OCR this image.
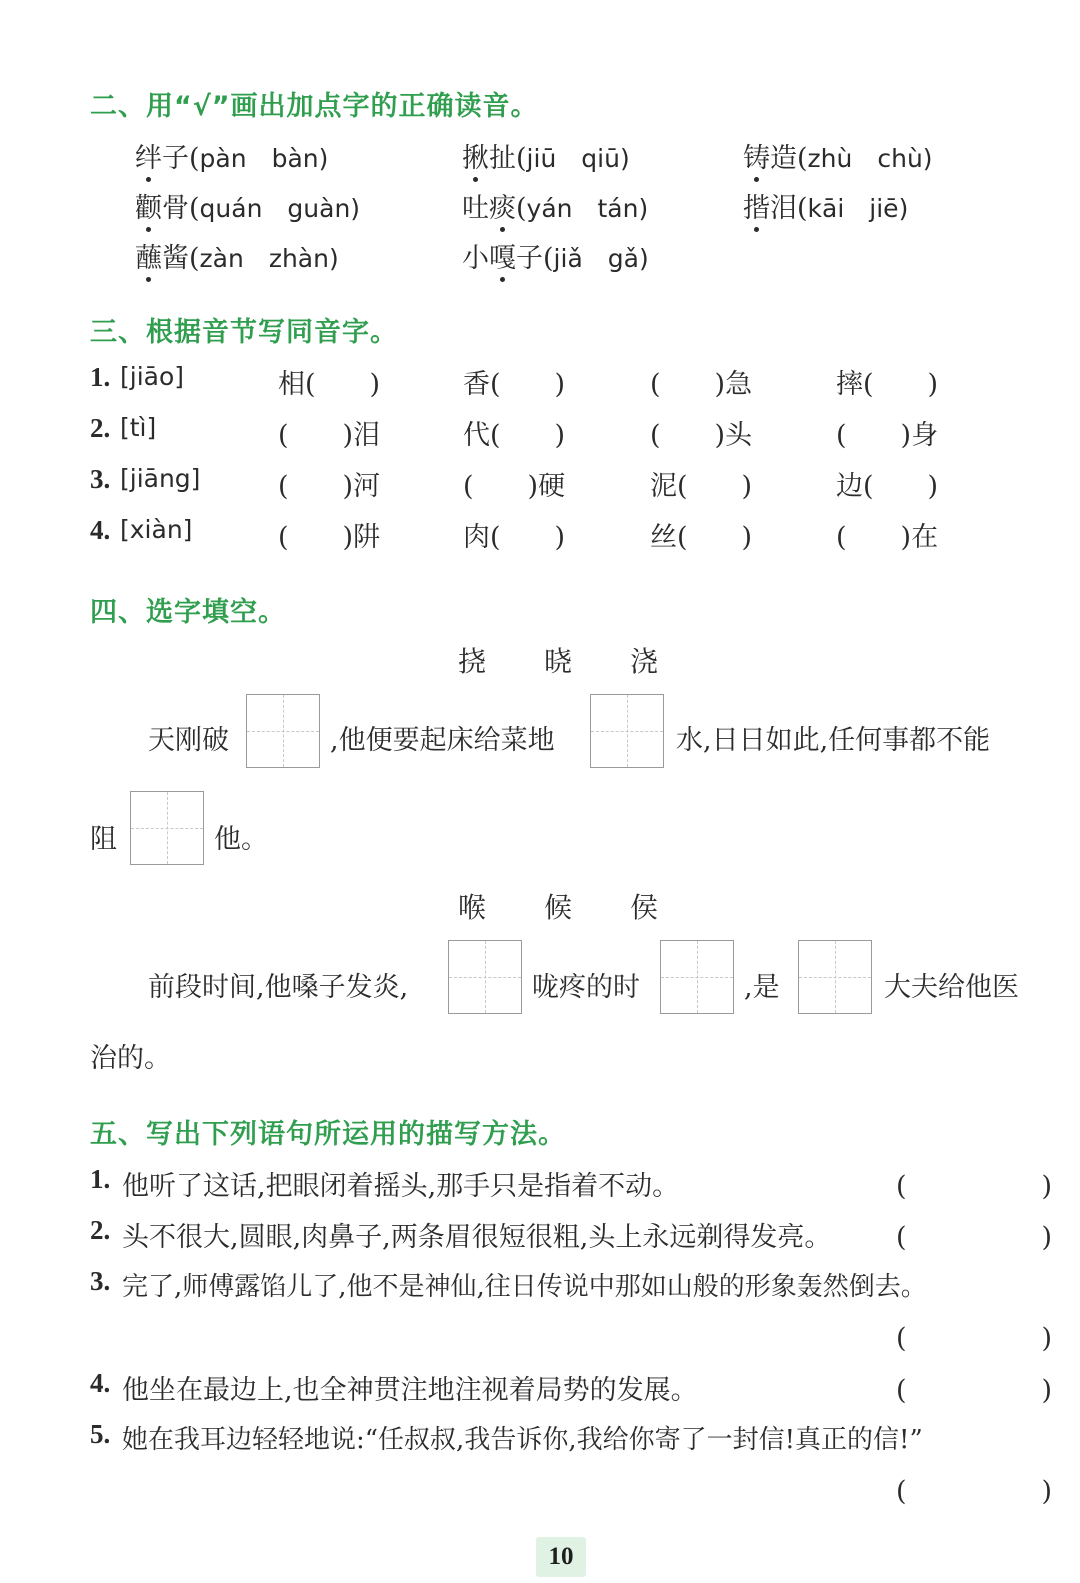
二、用“√”画出加点字的正确读音。
绊子(pàn　bàn)	揪扯(jiū　qiū)	铸造(zhù　chù)
颧骨(quán　guàn)	吐痰(yán　tán)	揩泪(kāi　jiē)
蘸酱(zàn　zhàn)	小嘎子(jiǎ　gǎ)
三、根据音节写同音字。
1. [jiāo]	相(　　)	香(　　)	(　　)急	摔(　　)
2. [tì]	(　　)泪	代(　　)	(　　)头	(　　)身
3. [jiāng]	(　　)河	(　　)硬	泥(　　)	边(　　)
4. [xiàn]	(　　)阱	肉(　　)	丝(　　)	(　　)在
四、选字填空。
挠 晓 浇
天刚破	,他便要起床给菜地	水,日日如此,任何事都不能
阻	他。
喉 候 侯
前段时间,他嗓子发炎,	咙疼的时	,是	大夫给他医
治的。
五、写出下列语句所运用的描写方法。
1. 他听了这话,把眼闭着摇头,那手只是指着不动。	(　　　　　)
2. 头不很大,圆眼,肉鼻子,两条眉很短很粗,头上永远剃得发亮。 (　　　　　)
3. 完了,师傅露馅儿了,他不是神仙,往日传说中那如山般的形象轰然倒去。
(　　　　　)
4. 他坐在最边上,也全神贯注地注视着局势的发展。	(　　　　　)
5. 她在我耳边轻轻地说:“任叔叔,我告诉你,我给你寄了一封信!真正的信!”
(　　　　　)
10
